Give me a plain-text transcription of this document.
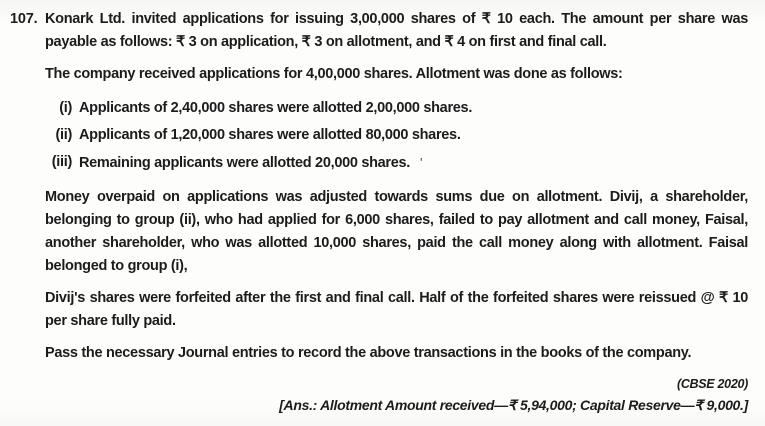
107. Konark Ltd. invited applications for issuing 3,00,000 shares of ₹ 10 each. The amount per share was payable as follows: ₹ 3 on application, ₹ 3 on allotment, and ₹ 4 on first and final call.

The company received applications for 4,00,000 shares. Allotment was done as follows:

(i) Applicants of 2,40,000 shares were allotted 2,00,000 shares.
(ii) Applicants of 1,20,000 shares were allotted 80,000 shares.
(iii) Remaining applicants were allotted 20,000 shares. '

Money overpaid on applications was adjusted towards sums due on allotment. Divij, a shareholder, belonging to group (ii), who had applied for 6,000 shares, failed to pay allotment and call money, Faisal, another shareholder, who was allotted 10,000 shares, paid the call money along with allotment. Faisal belonged to group (i),

Divij's shares were forfeited after the first and final call. Half of the forfeited shares were reissued @ ₹ 10 per share fully paid.

Pass the necessary Journal entries to record the above transactions in the books of the company.

(CBSE 2020)
[Ans.: Allotment Amount received—₹ 5,94,000; Capital Reserve—₹ 9,000.]
